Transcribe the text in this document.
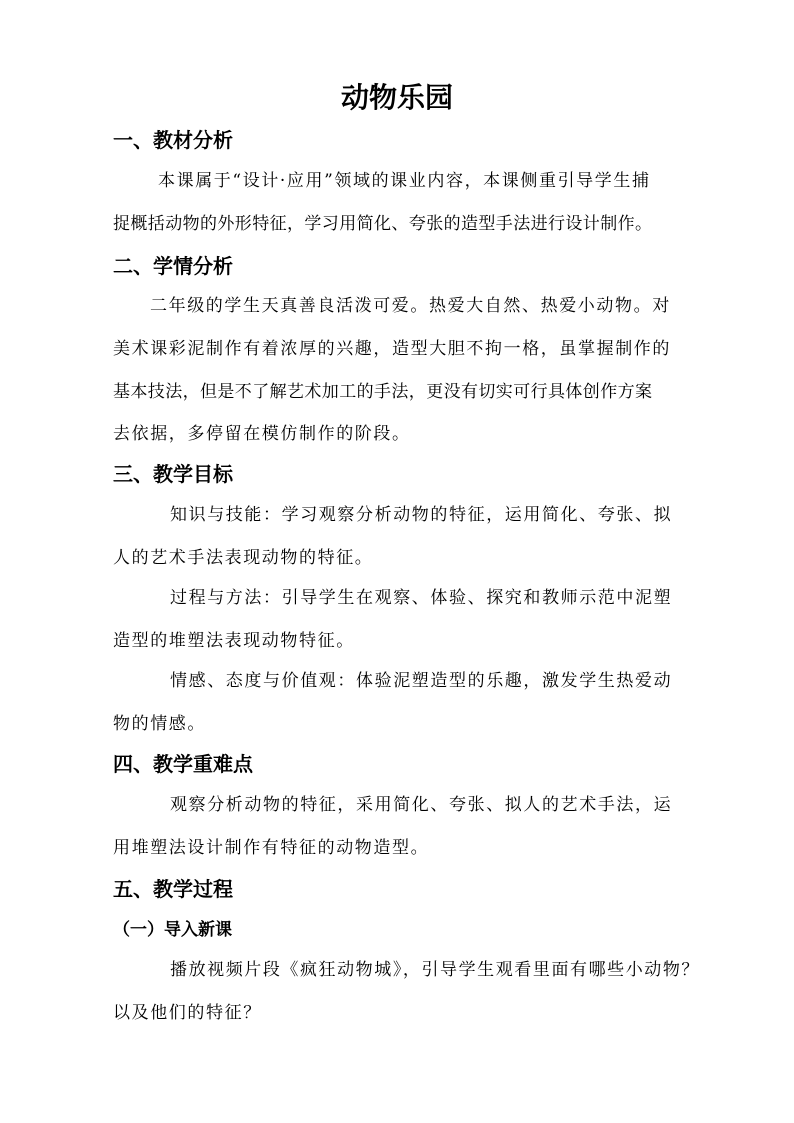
动物乐园
一、教材分析
本课属于“设计·应用”领域的课业内容，本课侧重引导学生捕
捉概括动物的外形特征，学习用简化、夸张的造型手法进行设计制作。
二、学情分析
二年级的学生天真善良活泼可爱。热爱大自然、热爱小动物。对
美术课彩泥制作有着浓厚的兴趣，造型大胆不拘一格，虽掌握制作的
基本技法，但是不了解艺术加工的手法，更没有切实可行具体创作方案
去依据，多停留在模仿制作的阶段。
三、教学目标
知识与技能：学习观察分析动物的特征，运用简化、夸张、拟
人的艺术手法表现动物的特征。
过程与方法：引导学生在观察、体验、探究和教师示范中泥塑
造型的堆塑法表现动物特征。
情感、态度与价值观：体验泥塑造型的乐趣，激发学生热爱动
物的情感。
四、教学重难点
观察分析动物的特征，采用简化、夸张、拟人的艺术手法，运
用堆塑法设计制作有特征的动物造型。
五、教学过程
（一）导入新课
播放视频片段《疯狂动物城》，引导学生观看里面有哪些小动物？
以及他们的特征？
